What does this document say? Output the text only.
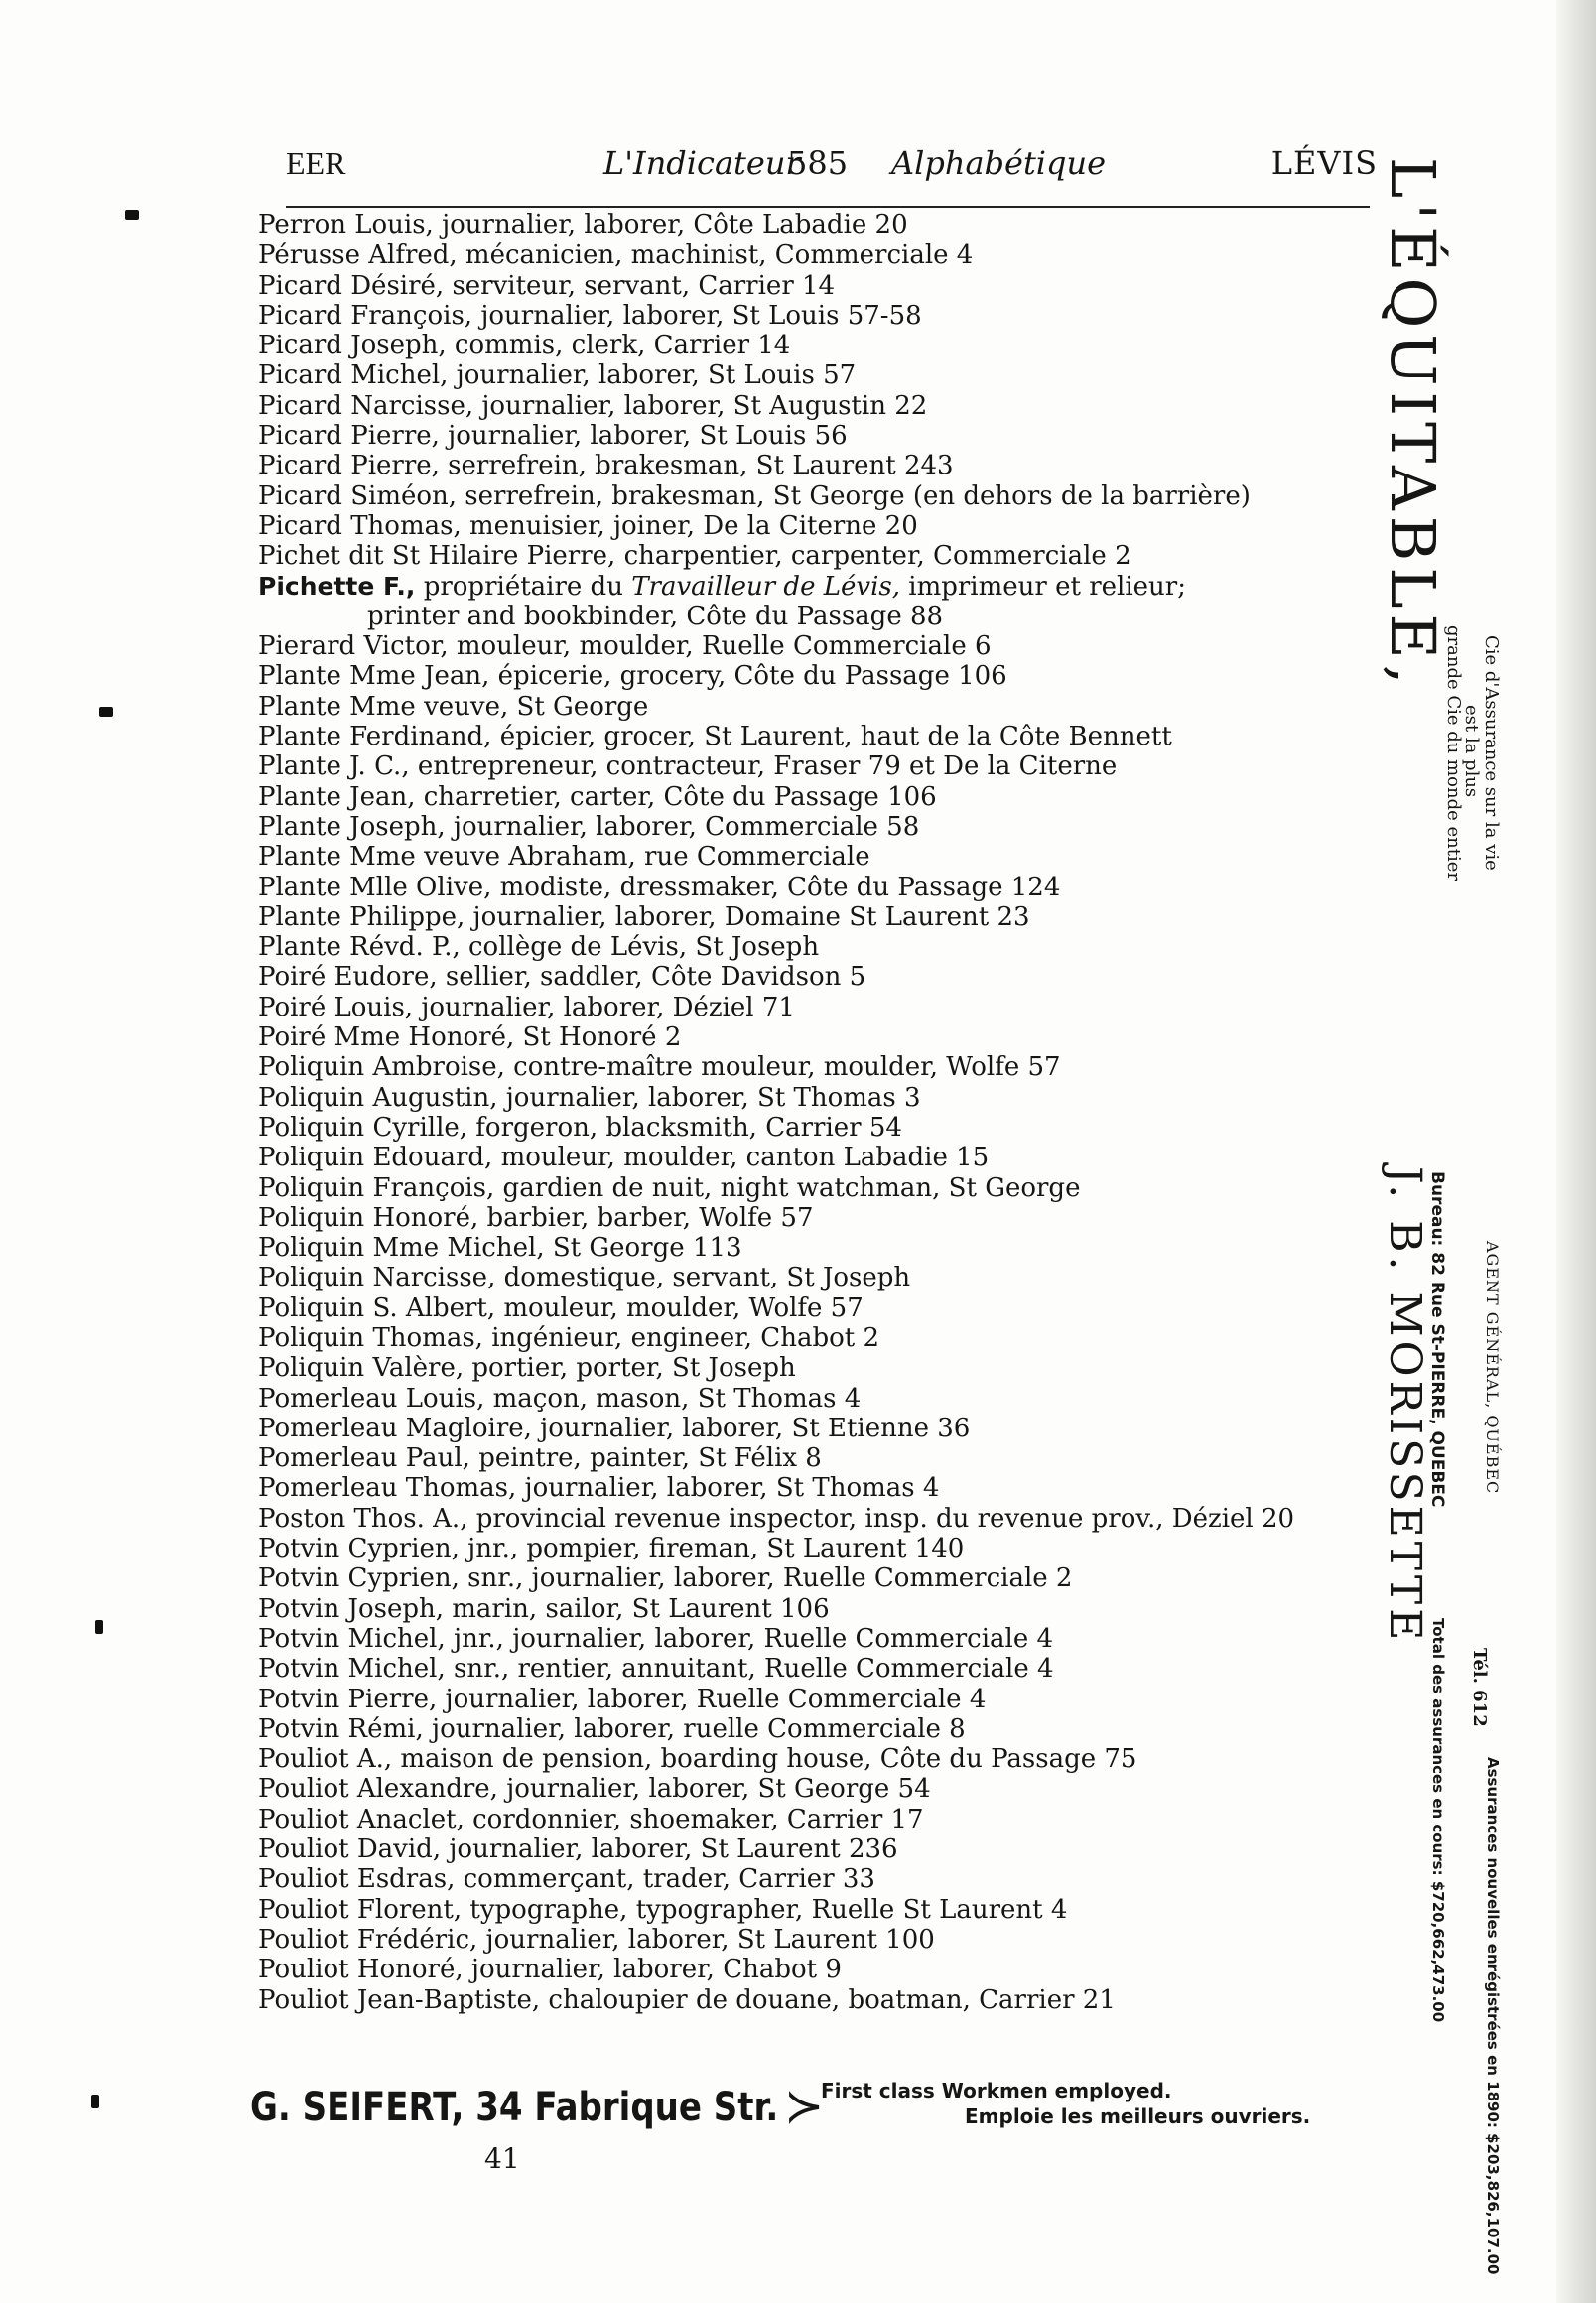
EER	L'Indicateur
585 Alphabétique	LÉVIS
Perron Louis, journalier, laborer, Côte Labadie 20
Pérusse Alfred, mécanicien, machinist, Commerciale 4
Picard Désiré, serviteur, servant, Carrier 14
Picard François, journalier, laborer, St Louis 57-58
Picard Joseph, commis, clerk, Carrier 14
Picard Michel, journalier, laborer, St Louis 57
Picard Narcisse, journalier, laborer, St Augustin 22
Picard Pierre, journalier, laborer, St Louis 56
Picard Pierre, serrefrein, brakesman, St Laurent 243
Picard Siméon, serrefrein, brakesman, St George (en dehors de la barrière)
Picard Thomas, menuisier, joiner, De la Citerne 20
Pichet dit St Hilaire Pierre, charpentier, carpenter, Commerciale 2
Pichette F., propriétaire du Travailleur de Lévis, imprimeur et relieur;
printer and bookbinder, Côte du Passage 88
Pierard Victor, mouleur, moulder, Ruelle Commerciale 6
Plante Mme Jean, épicerie, grocery, Côte du Passage 106
Plante Mme veuve, St George
Plante Ferdinand, épicier, grocer, St Laurent, haut de la Côte Bennett
Plante J. C., entrepreneur, contracteur, Fraser 79 et De la Citerne
Plante Jean, charretier, carter, Côte du Passage 106
Plante Joseph, journalier, laborer, Commerciale 58
Plante Mme veuve Abraham, rue Commerciale
Plante Mlle Olive, modiste, dressmaker, Côte du Passage 124
Plante Philippe, journalier, laborer, Domaine St Laurent 23
Plante Révd. P., collège de Lévis, St Joseph
Poiré Eudore, sellier, saddler, Côte Davidson 5
Poiré Louis, journalier, laborer, Déziel 71
Poiré Mme Honoré, St Honoré 2
Poliquin Ambroise, contre-maître mouleur, moulder, Wolfe 57
Poliquin Augustin, journalier, laborer, St Thomas 3
Poliquin Cyrille, forgeron, blacksmith, Carrier 54
Poliquin Edouard, mouleur, moulder, canton Labadie 15
Poliquin François, gardien de nuit, night watchman, St George
Poliquin Honoré, barbier, barber, Wolfe 57
Poliquin Mme Michel, St George 113
Poliquin Narcisse, domestique, servant, St Joseph
Poliquin S. Albert, mouleur, moulder, Wolfe 57
Poliquin Thomas, ingénieur, engineer, Chabot 2
Poliquin Valère, portier, porter, St Joseph
Pomerleau Louis, maçon, mason, St Thomas 4
Pomerleau Magloire, journalier, laborer, St Etienne 36
Pomerleau Paul, peintre, painter, St Félix 8
Pomerleau Thomas, journalier, laborer, St Thomas 4
Poston Thos. A., provincial revenue inspector, insp. du revenue prov., Déziel 20
Potvin Cyprien, jnr., pompier, fireman, St Laurent 140
Potvin Cyprien, snr., journalier, laborer, Ruelle Commerciale 2
Potvin Joseph, marin, sailor, St Laurent 106
Potvin Michel, jnr., journalier, laborer, Ruelle Commerciale 4
Potvin Michel, snr., rentier, annuitant, Ruelle Commerciale 4
Potvin Pierre, journalier, laborer, Ruelle Commerciale 4
Potvin Rémi, journalier, laborer, ruelle Commerciale 8
Pouliot A., maison de pension, boarding house, Côte du Passage 75
Pouliot Alexandre, journalier, laborer, St George 54
Pouliot Anaclet, cordonnier, shoemaker, Carrier 17
Pouliot David, journalier, laborer, St Laurent 236
Pouliot Esdras, commerçant, trader, Carrier 33
Pouliot Florent, typographe, typographer, Ruelle St Laurent 4
Pouliot Frédéric, journalier, laborer, St Laurent 100
Pouliot Honoré, journalier, laborer, Chabot 9
Pouliot Jean-Baptiste, chaloupier de douane, boatman, Carrier 21
G. SEIFERT, 34 Fabrique Str. ≻
First class Workmen employed.
Emploie les meilleurs ouvriers.
41
L'ÉQUITABLE,
J. B. MORISSETTE
Cie d'Assurance sur la vie
est la plus
grande Cie du monde entier
AGENT GÉNÉRAL, QUÉBEC
Tél. 612
Assurances nouvelles enrégistrées en 1890: $203,826,107.00
Bureau: 82 Rue St-PIERRE, QUEBEC
Total des assurances en cours: $720,662,473.00
